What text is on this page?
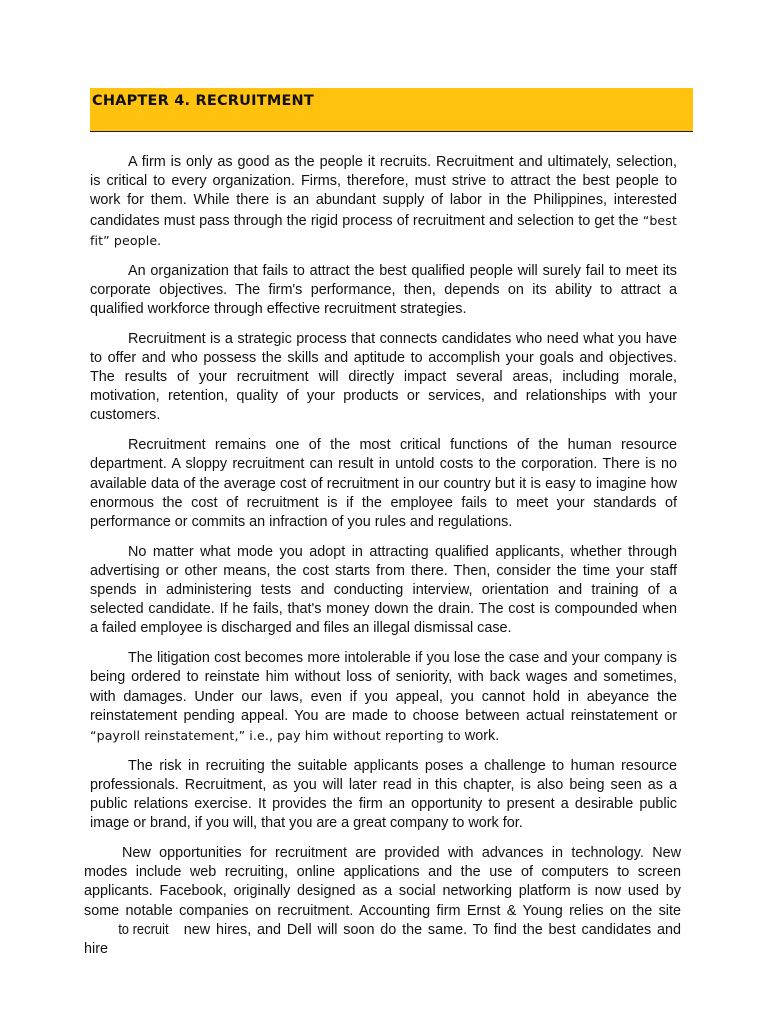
CHAPTER 4. RECRUITMENT

A firm is only as good as the people it recruits. Recruitment and ultimately, selection, is critical to every organization. Firms, therefore, must strive to attract the best people to work for them. While there is an abundant supply of labor in the Philippines, interested candidates must pass through the rigid process of recruitment and selection to get the “best fit” people.

An organization that fails to attract the best qualified people will surely fail to meet its corporate objectives. The firm's performance, then, depends on its ability to attract a qualified workforce through effective recruitment strategies.

Recruitment is a strategic process that connects candidates who need what you have to offer and who possess the skills and aptitude to accomplish your goals and objectives. The results of your recruitment will directly impact several areas, including morale, motivation, retention, quality of your products or services, and relationships with your customers.

Recruitment remains one of the most critical functions of the human resource department. A sloppy recruitment can result in untold costs to the corporation. There is no available data of the average cost of recruitment in our country but it is easy to imagine how enormous the cost of recruitment is if the employee fails to meet your standards of performance or commits an infraction of you rules and regulations.

No matter what mode you adopt in attracting qualified applicants, whether through advertising or other means, the cost starts from there. Then, consider the time your staff spends in administering tests and conducting interview, orientation and training of a selected candidate. If he fails, that's money down the drain. The cost is compounded when a failed employee is discharged and files an illegal dismissal case.

The litigation cost becomes more intolerable if you lose the case and your company is being ordered to reinstate him without loss of seniority, with back wages and sometimes, with damages. Under our laws, even if you appeal, you cannot hold in abeyance the reinstatement pending appeal. You are made to choose between actual reinstatement or “payroll reinstatement,” i.e., pay him without reporting to work.

The risk in recruiting the suitable applicants poses a challenge to human resource professionals. Recruitment, as you will later read in this chapter, is also being seen as a public relations exercise. It provides the firm an opportunity to present a desirable public image or brand, if you will, that you are a great company to work for.

New opportunities for recruitment are provided with advances in technology. New modes include web recruiting, online applications and the use of computers to screen applicants. Facebook, originally designed as a social networking platform is now used by some notable companies on recruitment. Accounting firm Ernst & Young relies on the site to recruit new hires, and Dell will soon do the same. To find the best candidates and hire
